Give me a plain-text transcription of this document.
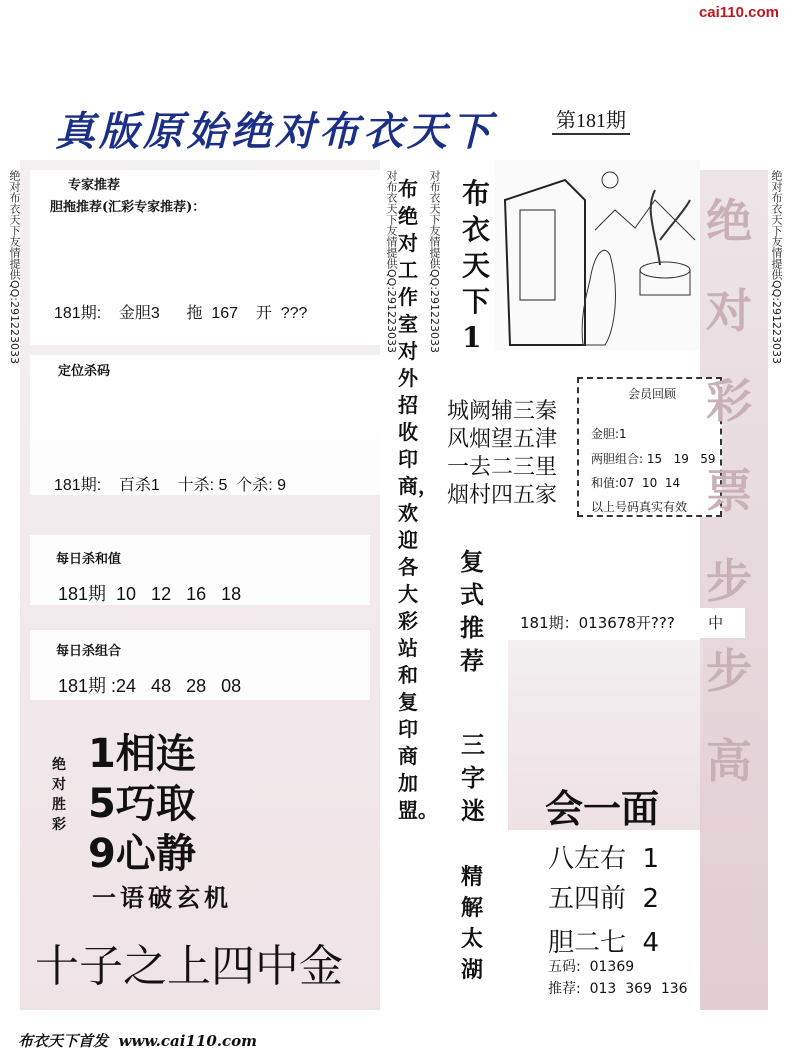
cai110.com
真版原始绝对布衣天下	第181期
绝对布衣天下友情提供QQ:291223033	绝对布衣天下友情提供QQ:291223033
对布衣天下友情提供QQ:291223033	对布衣天下友情提供QQ:291223033
专家推荐
胆拖推荐(汇彩专家推荐)：
181期:    金胆3      拖  167    开  ???
定位杀码
181期:    百杀1    十杀: 5  个杀: 9
每日杀和值
181期  10   12   16   18
每日杀组合
181期 :24   48   28   08
绝对胜彩
1相连
5巧取
9心静
一语破玄机
十子之上四中金
布绝对工作室对外招收印商，欢迎各大彩站和复印商加盟。
布衣天下1
城阙辅三秦
风烟望五津
一去二三里
烟村四五家
会员回顾
金胆:1
两胆组合: 15   19   59
和值:07  10  14
以上号码真实有效
复式推荐
三字迷
精解太湖
181期：013678开???       中
会一面
八左右  1
五四前  2
胆二七  4
五码:  01369
推荐:  013  369  136
绝对彩票步步高
布衣天下首发  www.cai110.com
